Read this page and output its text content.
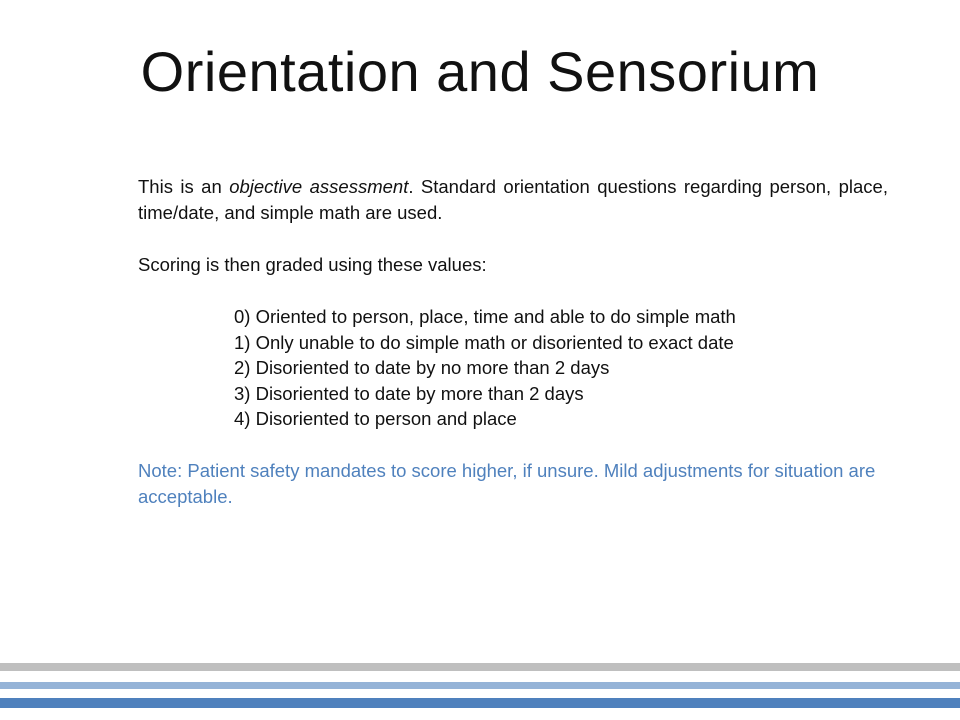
Orientation and Sensorium

This is an objective assessment. Standard orientation questions regarding person, place, time/date, and simple math are used.

Scoring is then graded using these values:

0) Oriented to person, place, time and able to do simple math
1) Only unable to do simple math or disoriented to exact date
2) Disoriented to date by no more than 2 days
3) Disoriented to date by more than 2 days
4) Disoriented to person and place

Note: Patient safety mandates to score higher, if unsure. Mild adjustments for situation are acceptable.
